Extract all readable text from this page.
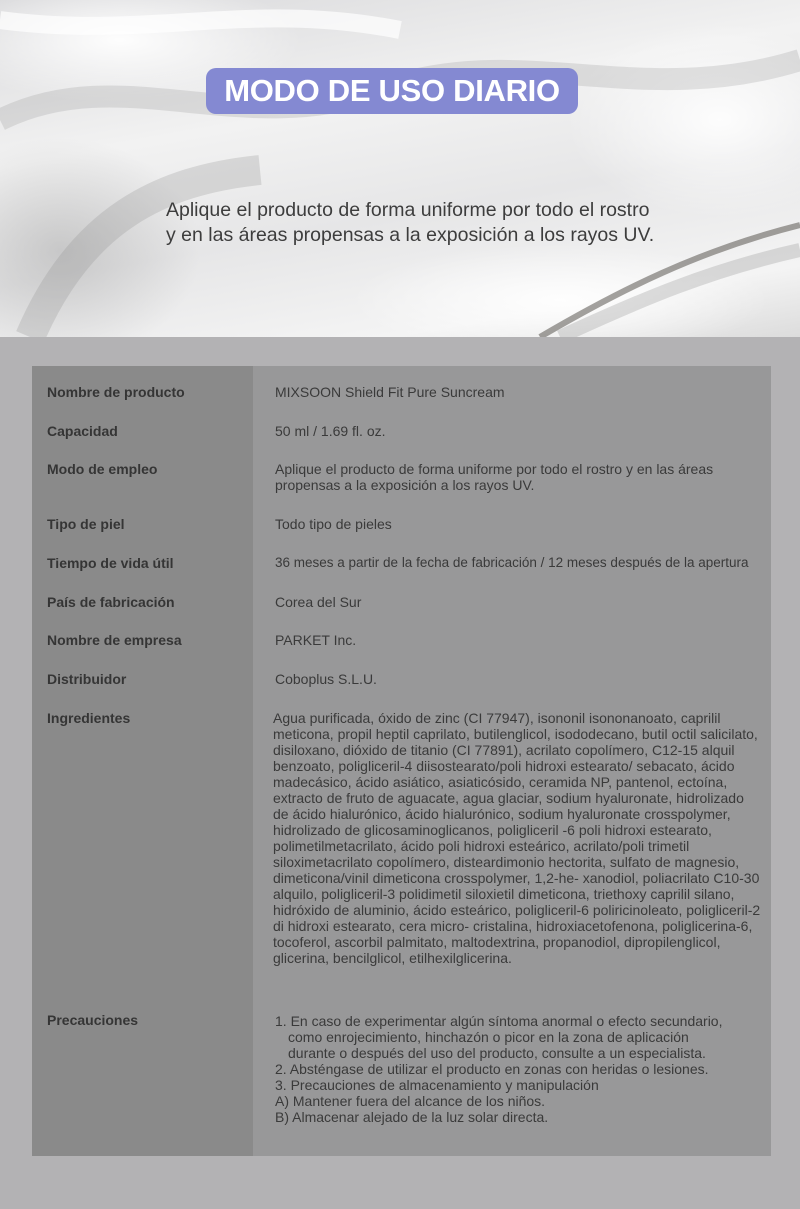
MODO DE USO DIARIO
Aplique el producto de forma uniforme por todo el rostro
y en las áreas propensas a la exposición a los rayos UV.
Nombre de producto	MIXSOON Shield Fit Pure Suncream
Capacidad	50 ml / 1.69 fl. oz.
Modo de empleo	Aplique el producto de forma uniforme por todo el rostro y en las áreas propensas a la exposición a los rayos UV.
Tipo de piel	Todo tipo de pieles
Tiempo de vida útil	36 meses a partir de la fecha de fabricación / 12 meses después de la apertura
País de fabricación	Corea del Sur
Nombre de empresa	PARKET Inc.
Distribuidor	Coboplus S.L.U.
Ingredientes	Agua purificada, óxido de zinc (CI 77947), isononil isononanoato, caprilil meticona, propil heptil caprilato, butilenglicol, isododecano, butil octil salicilato, disiloxano, dióxido de titanio (CI 77891), acrilato copolímero, C12-15 alquil benzoato, poligliceril-4 diisostearato/poli hidroxi estearato/ sebacato, ácido madecásico, ácido asiático, asiaticósido, ceramida NP, pantenol, ectoína, extracto de fruto de aguacate, agua glaciar, sodium hyaluronate, hidrolizado de ácido hialurónico, ácido hialurónico, sodium hyaluronate crosspolymer, hidrolizado de glicosaminoglicanos, poligliceril -6 poli hidroxi estearato, polimetilmetacrilato, ácido poli hidroxi esteárico, acrilato/poli trimetil siloximetacrilato copolímero, disteardimonio hectorita, sulfato de magnesio, dimeticona/vinil dimeticona crosspolymer, 1,2-he- xanodiol, poliacrilato C10-30 alquilo, poligliceril-3 polidimetil siloxietil dimeticona, triethoxy caprilil silano, hidróxido de aluminio, ácido esteárico, poligliceril-6 poliricinoleato, poligliceril-2 di hidroxi estearato, cera micro- cristalina, hidroxiacetofenona, poliglicerina-6, tocoferol, ascorbil palmitato, maltodextrina, propanodiol, dipropilenglicol, glicerina, bencilglicol, etilhexilglicerina.
Precauciones	1. En caso de experimentar algún síntoma anormal o efecto secundario,
como enrojecimiento, hinchazón o picor en la zona de aplicación
durante o después del uso del producto, consulte a un especialista.
2. Absténgase de utilizar el producto en zonas con heridas o lesiones.
3. Precauciones de almacenamiento y manipulación
A) Mantener fuera del alcance de los niños.
B) Almacenar alejado de la luz solar directa.
